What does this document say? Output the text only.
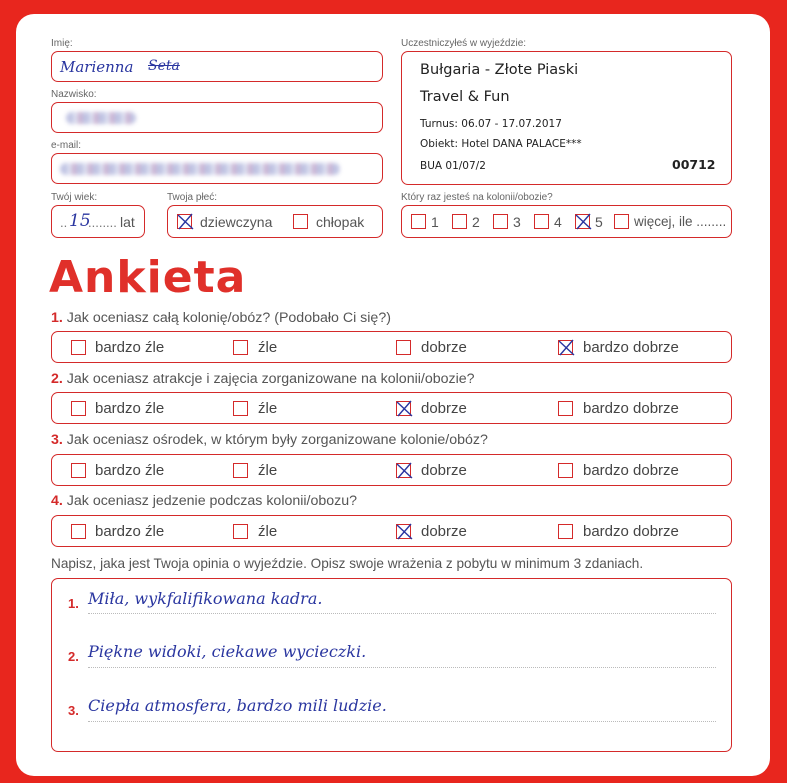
Imię:
Marienna Seta
Nazwisko:
e-mail:
Twój wiek:
.. 15
........ lat
Twoja płeć:
dziewczyna	chłopak
Uczestniczyłeś w wyjeździe:
Bułgaria - Złote Piaski
Travel & Fun
Turnus: 06.07 - 17.07.2017
Obiekt: Hotel DANA PALACE***
BUA 01/07/2	00712
Który raz jesteś na kolonii/obozie?
1 2 3 4 5 więcej, ile ........
Ankieta
1. Jak oceniasz całą kolonię/obóz? (Podobało Ci się?)
bardzo źle	źle	dobrze	bardzo dobrze
2. Jak oceniasz atrakcje i zajęcia zorganizowane na kolonii/obozie?
bardzo źle	źle	dobrze	bardzo dobrze
3. Jak oceniasz ośrodek, w którym były zorganizowane kolonie/obóz?
bardzo źle	źle	dobrze	bardzo dobrze
4. Jak oceniasz jedzenie podczas kolonii/obozu?
bardzo źle	źle	dobrze	bardzo dobrze
Napisz, jaka jest Twoja opinia o wyjeździe. Opisz swoje wrażenia z pobytu w minimum 3 zdaniach.
1. Miła, wykfalifikowana kadra.
2. Piękne widoki, ciekawe wycieczki.
3. Ciepła atmosfera, bardzo mili ludzie.
